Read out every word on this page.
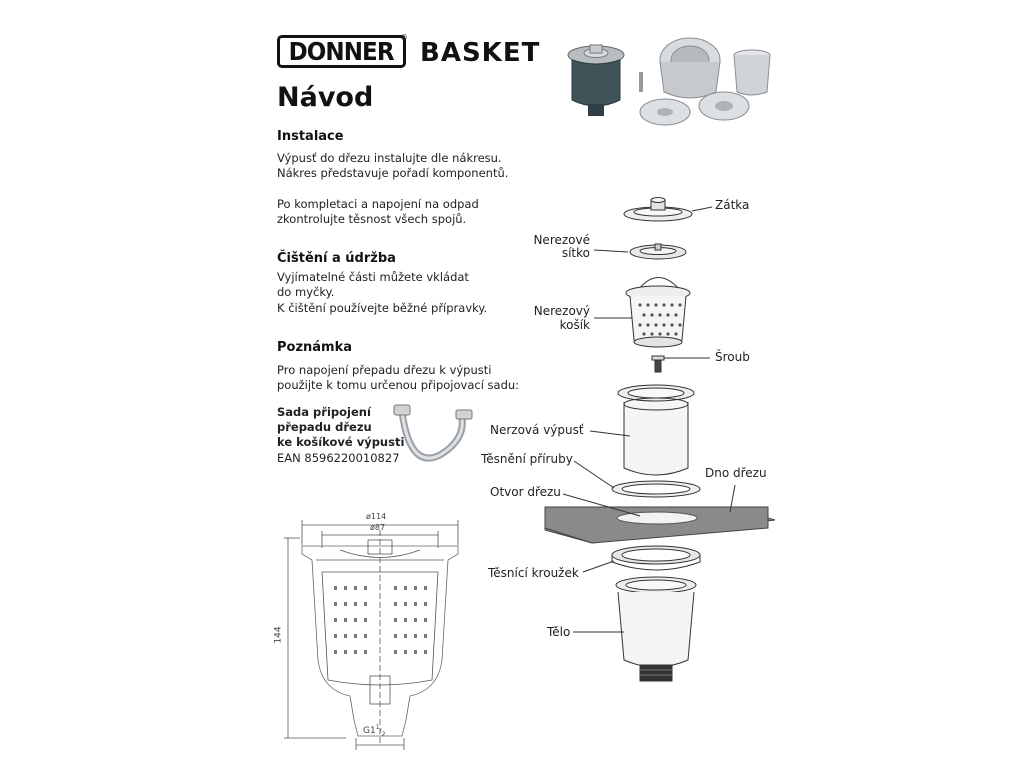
DONNER ®
BASKET
Návod
Instalace
Výpusť do dřezu instalujte dle nákresu.
Nákres představuje pořadí komponentů.
Po kompletaci a napojení na odpad
zkontrolujte těsnost všech spojů.
Čištění a údržba
Vyjímatelné části můžete vkládat
do myčky.
K čištění používejte běžné přípravky.
Poznámka
Pro napojení přepadu dřezu k výpusti
použijte k tomu určenou připojovací sadu:
Sada připojení
přepadu dřezu
ke košíkové výpusti
EAN 8596220010827
Zátka
Nerezové
sítko
Nerezový
košík
Šroub
Nerzová výpusť
Těsnění příruby
Dno dřezu
Otvor dřezu
Těsnící kroužek
Tělo
ø114
ø87
144
$G1^1/_2$
